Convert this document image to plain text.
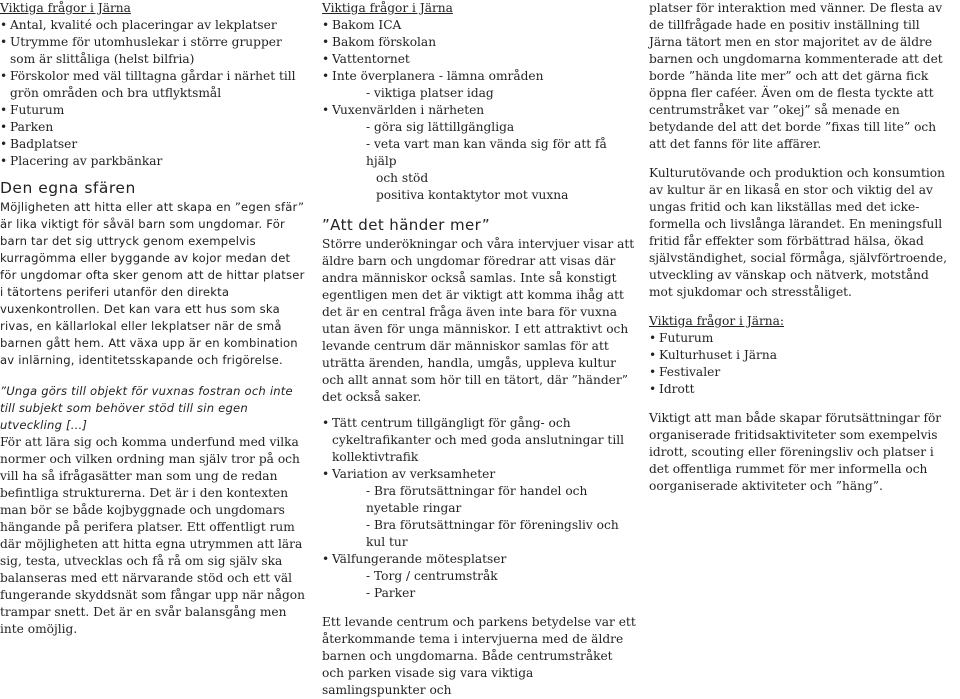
Viktiga frågor i Järna

• Antal, kvalité och placeringar av lekplatser
• Utrymme för utomhuslekar i större grupper som är slittåliga (helst bilfria)
• Förskolor med väl tilltagna gårdar i närhet till grön områden och bra utflyktsmål
• Futurum
• Parken
• Badplatser
• Placering av parkbänkar
Den egna sfären

Möjligheten att hitta eller att skapa en ”egen sfär” är lika viktigt för såväl barn som ungdomar. För barn tar det sig uttryck genom exempelvis kurragömma eller byggande av kojor medan det för ungdomar ofta sker genom att de hittar platser i tätortens periferi utanför den direkta vuxenkontrollen. Det kan vara ett hus som ska rivas, en källarlokal eller lekplatser när de små barnen gått hem. Att växa upp är en kombination av inlärning, identitetsskapande och frigörelse.

”Unga görs till objekt för vuxnas fostran och inte till subjekt som behöver stöd till sin egen utveckling [...]

För att lära sig och komma underfund med vilka normer och vilken ordning man själv tror på och vill ha så ifrågasätter man som ung de redan befintliga strukturerna. Det är i den kontexten man bör se både kojbyggnade och ungdomars hängande på perifera platser. Ett offentligt rum där möjligheten att hitta egna utrymmen att lära sig, testa, utvecklas och få rå om sig själv ska balanseras med ett närvarande stöd och ett väl fungerande skyddsnät som fångar upp när någon trampar snett. Det är en svår balansgång men inte omöjlig.

Viktiga frågor i Järna

• Bakom ICA
• Bakom förskolan
• Vattentornet
• Inte överplanera - lämna områden

- viktiga platser idag

• Vuxenvärlden i närheten

- göra sig lättillgängliga

- veta vart man kan vända sig för att få hjälp

och stöd

positiva kontaktytor mot vuxna

”Att det händer mer”

Större underökningar och våra intervjuer visar att äldre barn och ungdomar föredrar att visas där andra människor också samlas. Inte så konstigt egentligen men det är viktigt att komma ihåg att det är en central fråga även inte bara för vuxna utan även för unga människor. I ett attraktivt och levande centrum där människor samlas för att uträtta ärenden, handla, umgås, uppleva kultur och allt annat som hör till en tätort, där ”händer” det också saker.

• Tätt centrum tillgängligt för gång- och cykeltrafikanter och med goda anslutningar till kollektivtrafik
• Variation av verksamheter
- Bra förutsättningar för handel och nyetable ringar
- Bra förutsättningar för föreningsliv och kul tur
• Välfungerande mötesplatser

- Torg / centrumstråk

- Parker

Ett levande centrum och parkens betydelse var ett återkommande tema i intervjuerna med de äldre barnen och ungdomarna. Både centrumstråket och parken visade sig vara viktiga samlingspunkter och

platser för interaktion med vänner. De flesta av de tillfrågade hade en positiv inställning till Järna tätort men en stor majoritet av de äldre barnen och ungdomarna kommenterade att det borde ”hända lite mer” och att det gärna fick öppna fler caféer. Även om de flesta tyckte att centrumstråket var ”okej” så menade en betydande del att det borde ”fixas till lite” och att det fanns för lite affärer.

Kulturutövande och produktion och konsumtion av kultur är en likaså en stor och viktig del av ungas fritid och kan likställas med det icke-formella och livslånga lärandet. En meningsfull fritid får effekter som förbättrad hälsa, ökad självständighet, social förmåga, självförtroende, utveckling av vänskap och nätverk, motstånd mot sjukdomar och stresståliget.

Viktiga frågor i Järna:

• Futurum
• Kulturhuset i Järna
• Festivaler
• Idrott

Viktigt att man både skapar förutsättningar för organiserade fritidsaktiviteter som exempelvis idrott, scouting eller föreningsliv och platser i det offentliga rummet för mer informella och oorganiserade aktiviteter och ”häng”.
